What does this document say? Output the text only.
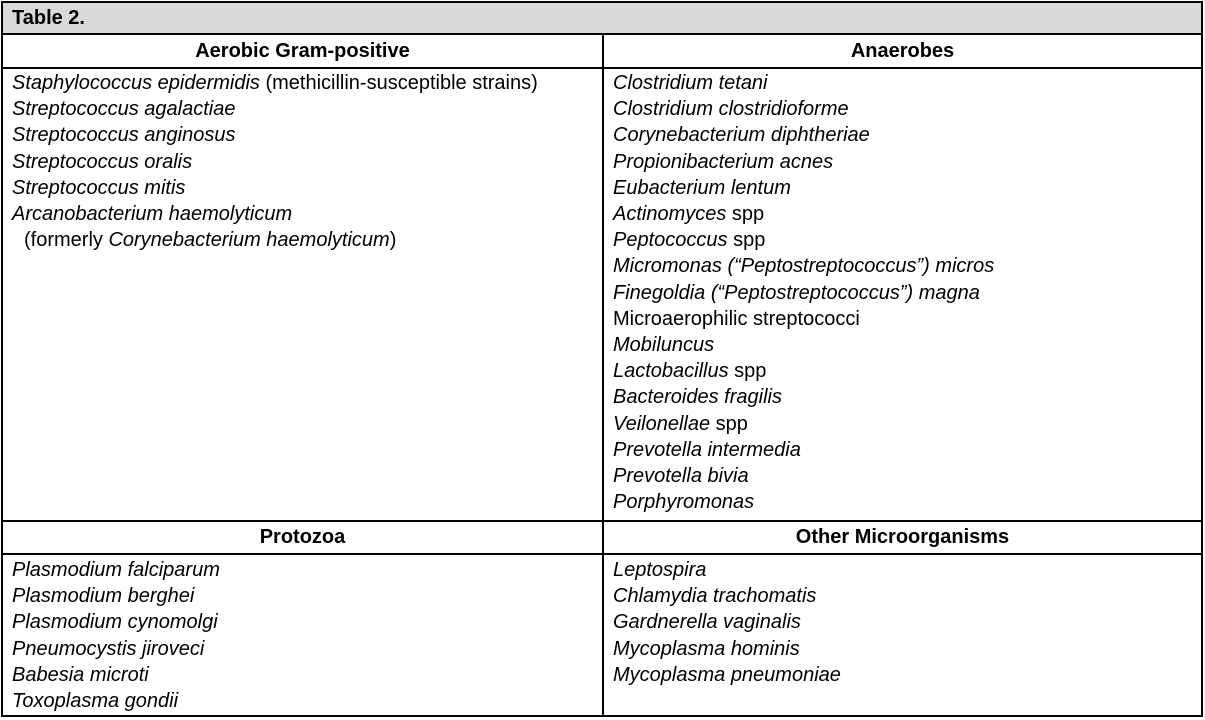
Table 2.
Aerobic Gram-positive	Anaerobes
Protozoa	Other Microorganisms
Staphylococcus epidermidis (methicillin-susceptible strains)
Streptococcus agalactiae
Streptococcus anginosus
Streptococcus oralis
Streptococcus mitis
Arcanobacterium haemolyticum
(formerly Corynebacterium haemolyticum)
Clostridium tetani
Clostridium clostridioforme
Corynebacterium diphtheriae
Propionibacterium acnes
Eubacterium lentum
Actinomyces spp
Peptococcus spp
Micromonas (“Peptostreptococcus”) micros
Finegoldia (“Peptostreptococcus”) magna
Microaerophilic streptococci
Mobiluncus
Lactobacillus spp
Bacteroides fragilis
Veilonellae spp
Prevotella intermedia
Prevotella bivia
Porphyromonas
Plasmodium falciparum
Plasmodium berghei
Plasmodium cynomolgi
Pneumocystis jiroveci
Babesia microti
Toxoplasma gondii
Leptospira
Chlamydia trachomatis
Gardnerella vaginalis
Mycoplasma hominis
Mycoplasma pneumoniae
